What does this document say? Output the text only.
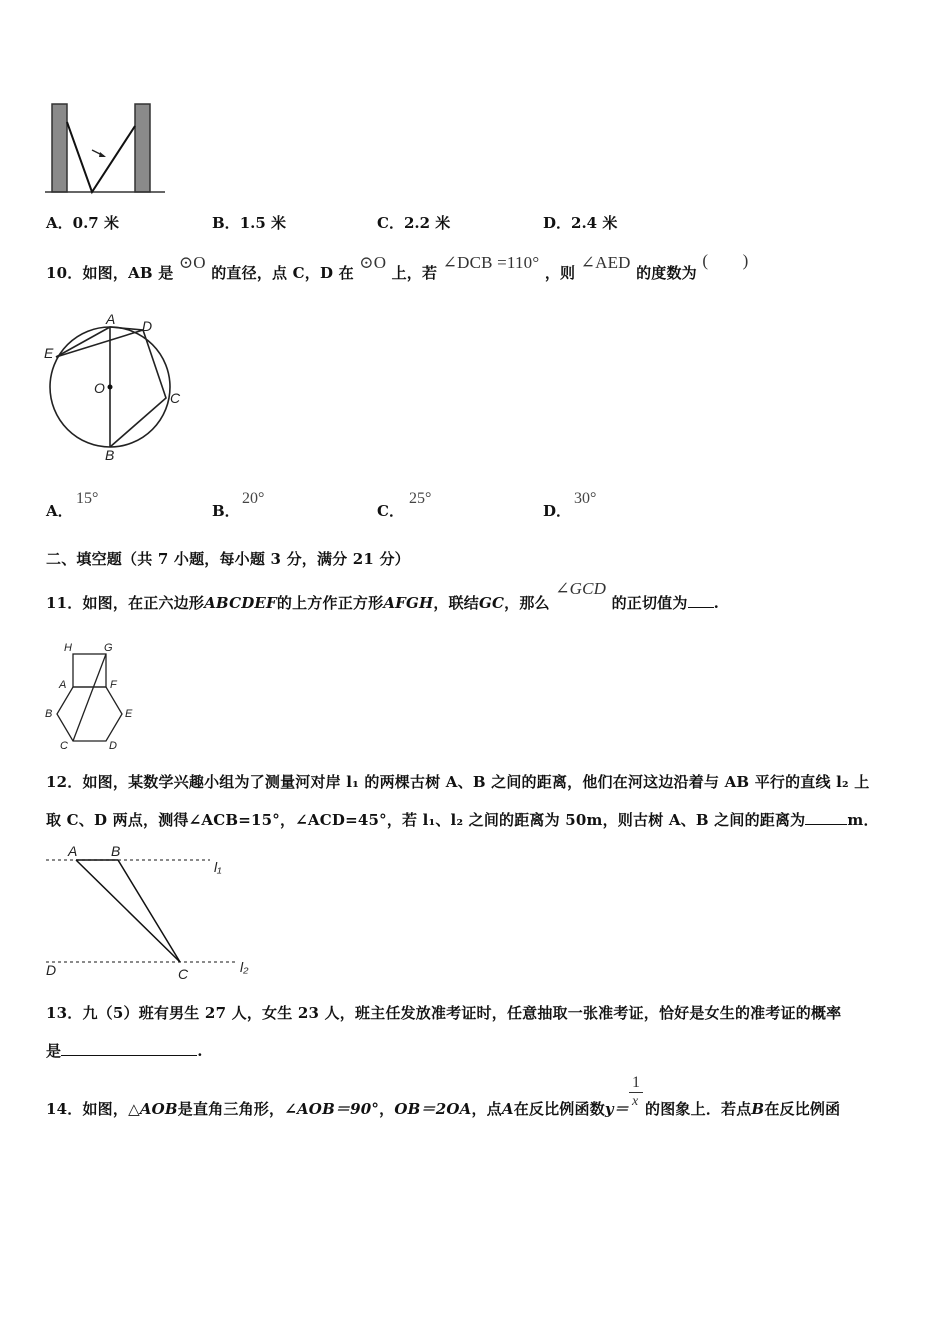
A．0.7 米	B．1.5 米	C．2.2 米	D．2.4 米
10．如图，AB 是 ⊙O 的直径，点 C，D 在 ⊙O 上，若 ∠DCB =110° ，则 ∠AED 的度数为 (　　)
A D
E
O
C
B
A．
15°
B．
20°
C．
25°
D．
30°
二、填空题（共 7 小题，每小题 3 分，满分 21 分）
11．如图，在正六边形ABCDEF的上方作正方形AFGH，联结GC，那么 ∠GCD 的正切值为 .
H	G
A	F
B	E
C	D
12．如图，某数学兴趣小组为了测量河对岸 l₁ 的两棵古树 A、B 之间的距离，他们在河这边沿着与 AB 平行的直线 l₂ 上
取 C、D 两点，测得∠ACB=15°，∠ACD=45°，若 l₁、l₂ 之间的距离为 50m，则古树 A、B 之间的距离为	m．
A B
l₁
D	C	l₂
13．九（5）班有男生 27 人，女生 23 人，班主任发放准考证时，任意抽取一张准考证，恰好是女生的准考证的概率
是	.
14．如图，△AOB是直角三角形，∠AOB＝90°，OB＝2OA，点A在反比例函数$y= \frac{1}{x}$ 的图象上．若点B在反比例函
